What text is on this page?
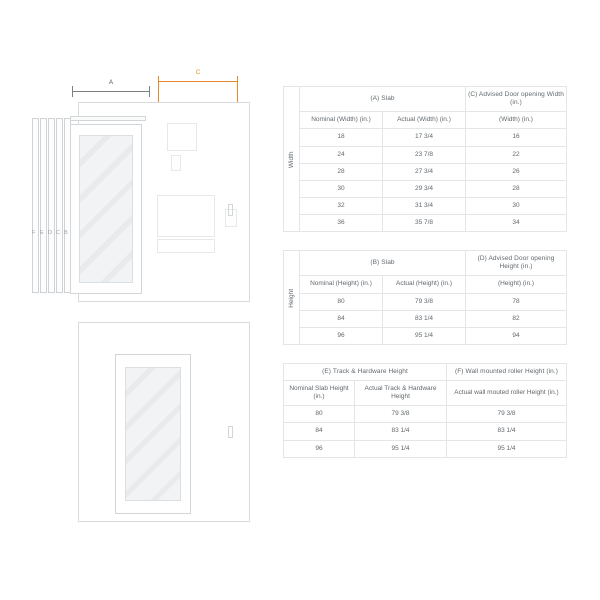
A
C
F E D C B
Width	(A) Slab		(C) Advised Door opening Width (in.)
	Nominal (Width) (in.)	Actual (Width) (in.)	(Width) (in.)
	18	17 3/4	16
	24	23 7/8	22
	28	27 3/4	26
	30	29 3/4	28
	32	31 3/4	30
	36	35 7/8	34
Height	(B) Slab		(D) Advised Door opening Height (in.)
	Nominal (Height) (in.)	Actual (Height) (in.)	(Height) (in.)
	80	79 3/8	78
	84	83 1/4	82
	96	95 1/4	94
(E) Track & Hardware Height		(F) Wall mounted roller Height (in.)
Nominal Slab Height (in.)	Actual Track & Hardware Height	Actual wall mouted roller Height (in.)
80	79 3/8	79 3/8
84	83 1/4	83 1/4
96	95 1/4	95 1/4
